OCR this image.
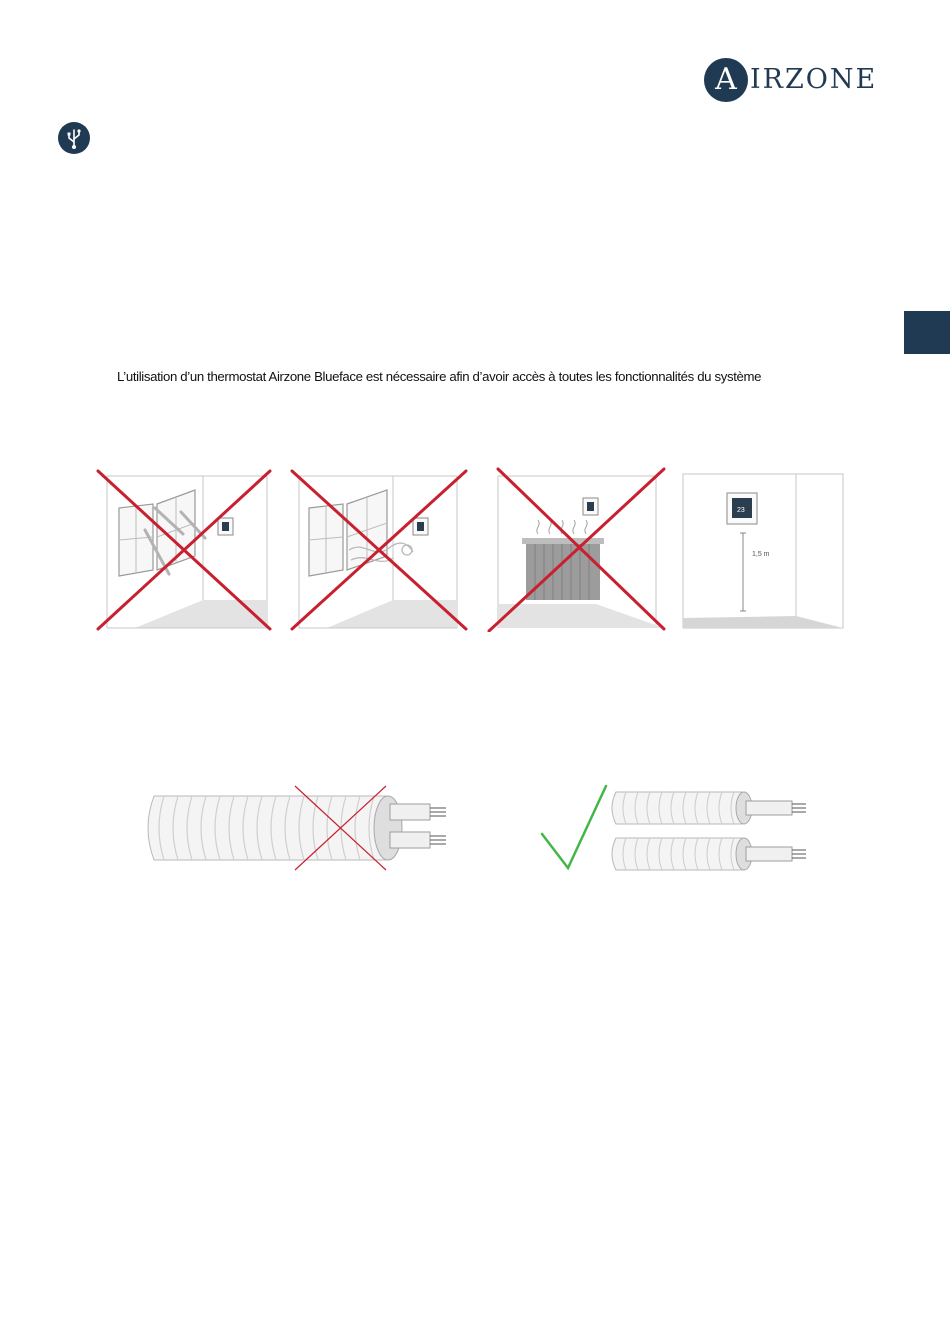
A IRZONE
L’utilisation d’un thermostat Airzone Blueface est nécessaire afin d’avoir accès à toutes les fonctionnalités du système
23
1,5 m
